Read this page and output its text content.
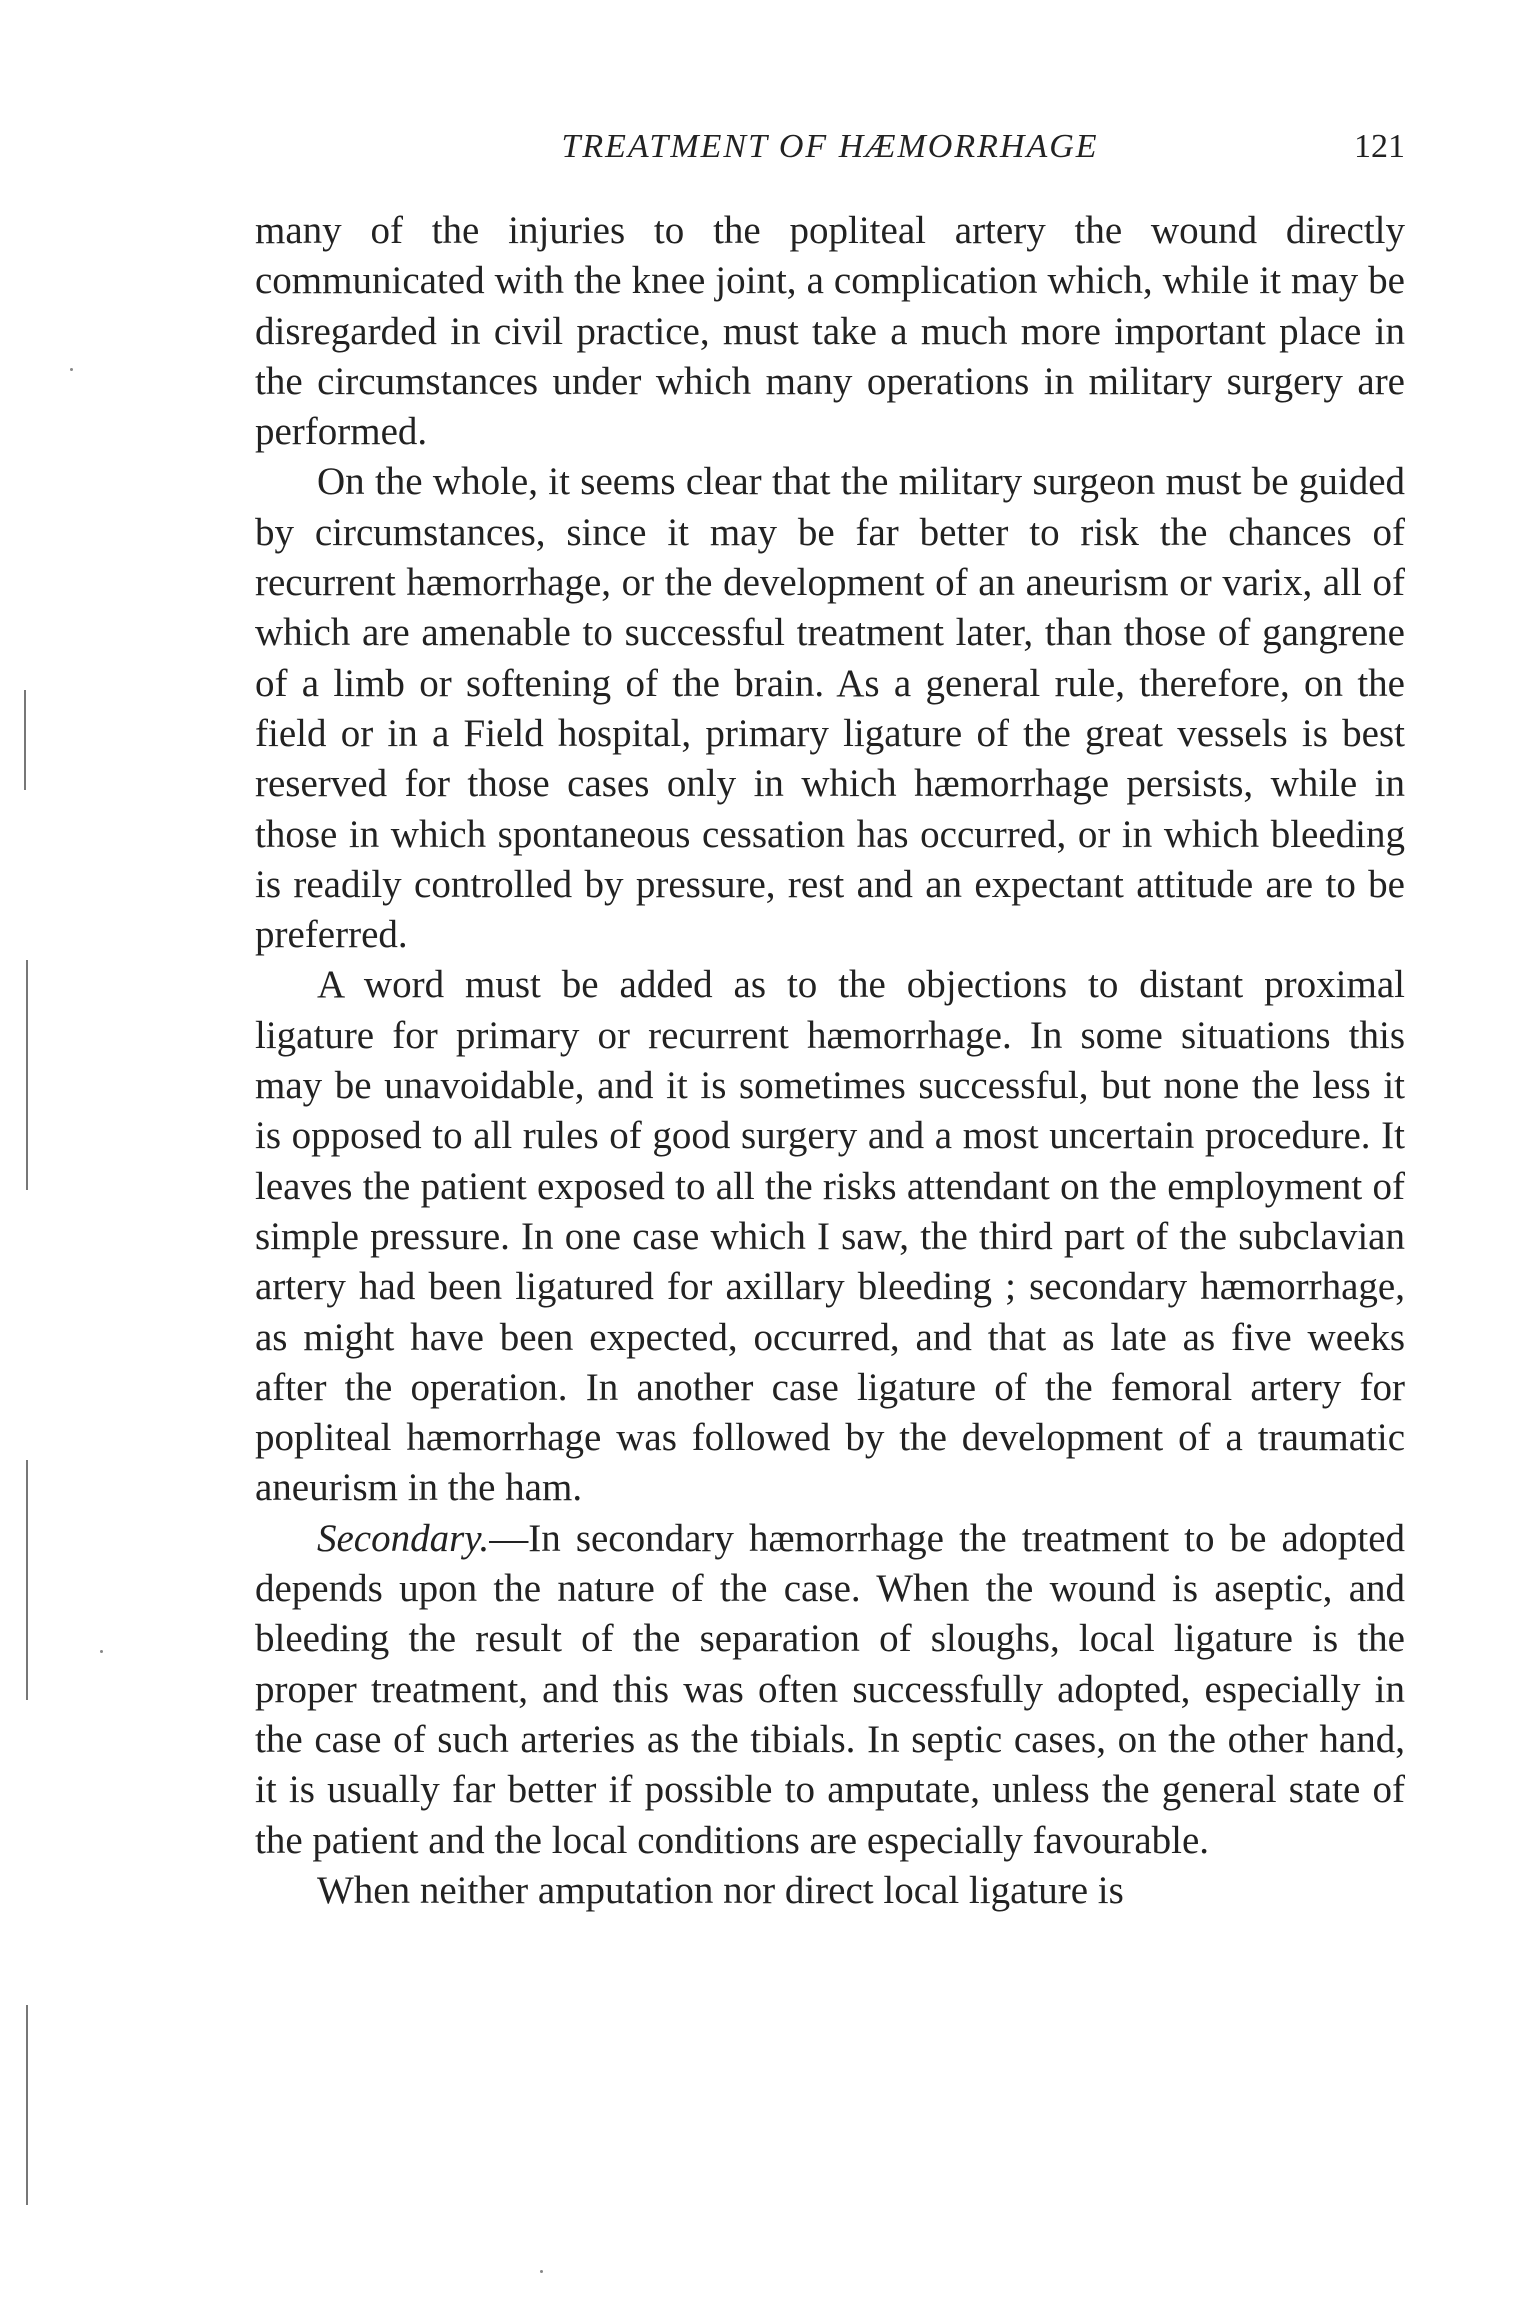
TREATMENT OF HÆMORRHAGE	121

many of the injuries to the popliteal artery the wound directly communicated with the knee joint, a complication which, while it may be disregarded in civil practice, must take a much more important place in the circumstances under which many operations in military surgery are performed.

On the whole, it seems clear that the military surgeon must be guided by circumstances, since it may be far better to risk the chances of recurrent hæmorrhage, or the development of an aneurism or varix, all of which are amenable to successful treatment later, than those of gangrene of a limb or softening of the brain. As a general rule, therefore, on the field or in a Field hospital, primary ligature of the great vessels is best reserved for those cases only in which hæmorrhage persists, while in those in which spontaneous cessation has occurred, or in which bleeding is readily controlled by pressure, rest and an expectant attitude are to be preferred.

A word must be added as to the objections to distant proximal ligature for primary or recurrent hæmorrhage. In some situations this may be unavoidable, and it is sometimes successful, but none the less it is opposed to all rules of good surgery and a most uncertain procedure. It leaves the patient exposed to all the risks attendant on the employment of simple pressure. In one case which I saw, the third part of the subclavian artery had been ligatured for axillary bleeding ; secondary hæmorrhage, as might have been expected, occurred, and that as late as five weeks after the operation. In another case ligature of the femoral artery for popliteal hæmorrhage was followed by the development of a traumatic aneurism in the ham.

Secondary.—In secondary hæmorrhage the treatment to be adopted depends upon the nature of the case. When the wound is aseptic, and bleeding the result of the separation of sloughs, local ligature is the proper treatment, and this was often successfully adopted, especially in the case of such arteries as the tibials. In septic cases, on the other hand, it is usually far better if possible to amputate, unless the general state of the patient and the local conditions are especially favourable.

When neither amputation nor direct local ligature is
